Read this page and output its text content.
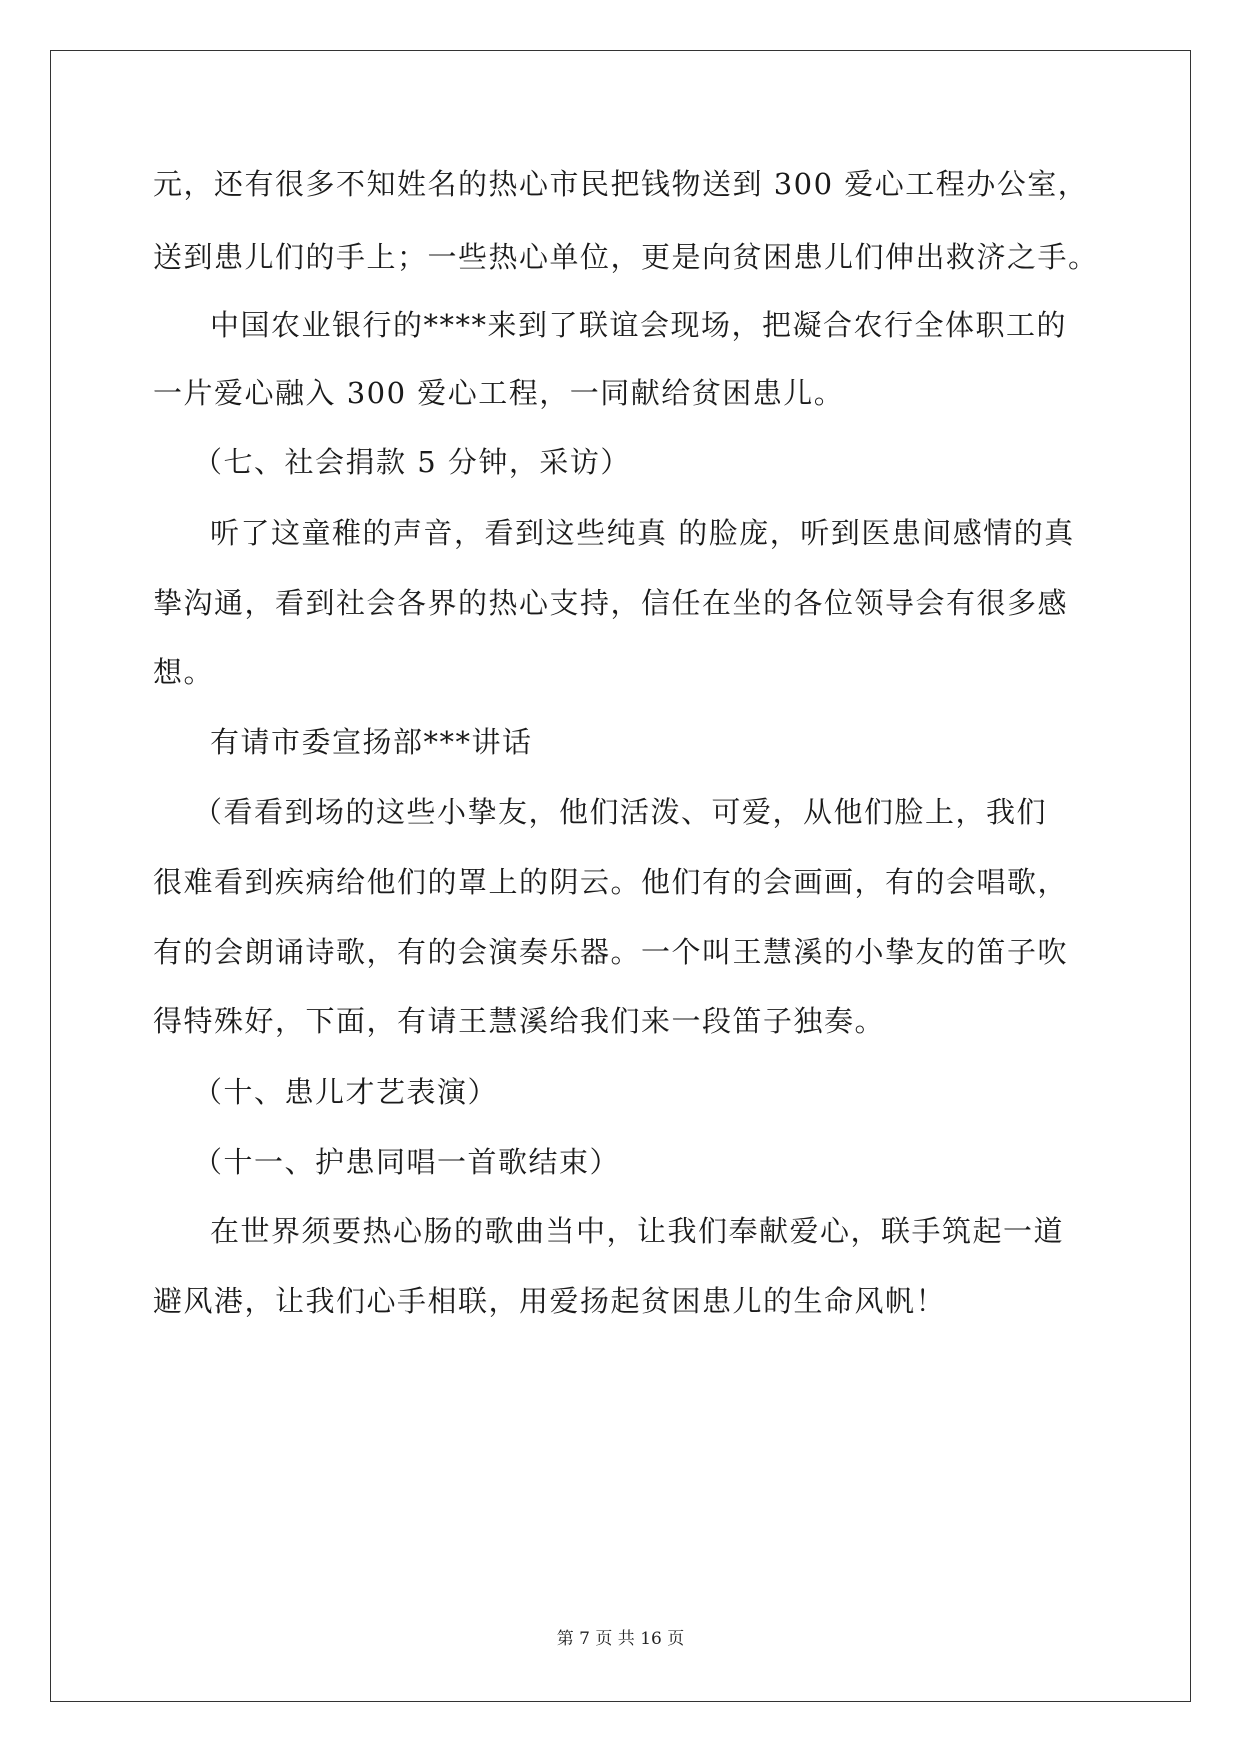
元，还有很多不知姓名的热心市民把钱物送到 300 爱心工程办公室，
送到患儿们的手上；一些热心单位，更是向贫困患儿们伸出救济之手。
中国农业银行的****来到了联谊会现场，把凝合农行全体职工的
一片爱心融入 300 爱心工程，一同献给贫困患儿。
（七、社会捐款 5 分钟，采访）
听了这童稚的声音，看到这些纯真 的脸庞，听到医患间感情的真
挚沟通，看到社会各界的热心支持，信任在坐的各位领导会有很多感
想。
有请市委宣扬部***讲话
（看看到场的这些小挚友，他们活泼、可爱，从他们脸上，我们
很难看到疾病给他们的罩上的阴云。他们有的会画画，有的会唱歌，
有的会朗诵诗歌，有的会演奏乐器。一个叫王慧溪的小挚友的笛子吹
得特殊好，下面，有请王慧溪给我们来一段笛子独奏。
（十、患儿才艺表演）
（十一、护患同唱一首歌结束）
在世界须要热心肠的歌曲当中，让我们奉献爱心，联手筑起一道
避风港，让我们心手相联，用爱扬起贫困患儿的生命风帆！
第 7 页 共 16 页
